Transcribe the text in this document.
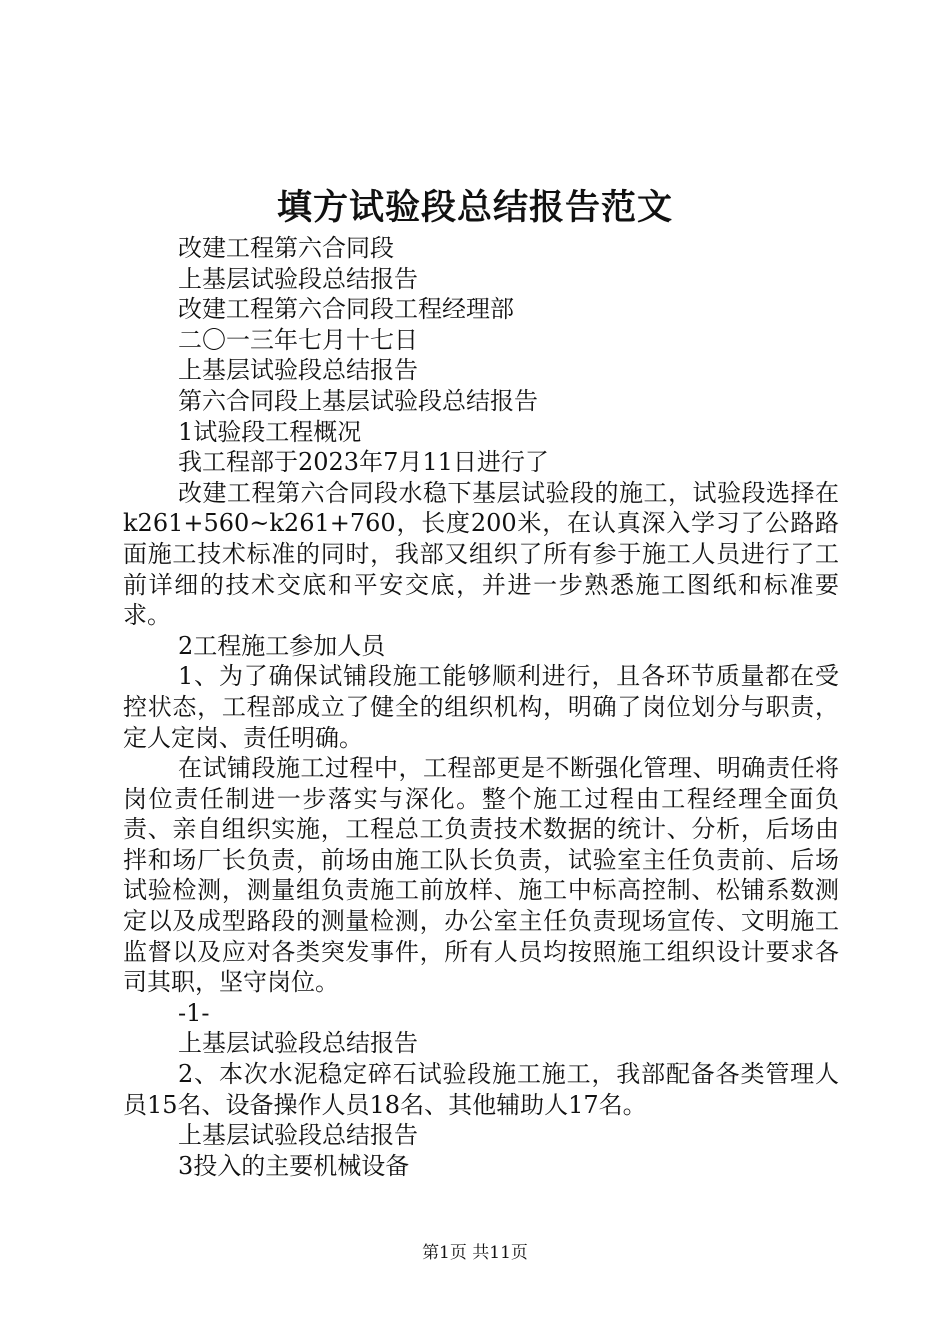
填方试验段总结报告范文

改建工程第六合同段

上基层试验段总结报告

改建工程第六合同段工程经理部

二〇一三年七月十七日

上基层试验段总结报告

第六合同段上基层试验段总结报告

1试验段工程概况

我工程部于2023年7月11日进行了

改建工程第六合同段水稳下基层试验段的施工，试验段选择在k261+560~k261+760，长度200米，在认真深入学习了公路路面施工技术标准的同时，我部又组织了所有参于施工人员进行了工前详细的技术交底和平安交底，并进一步熟悉施工图纸和标准要求。

2工程施工参加人员

1、为了确保试铺段施工能够顺利进行，且各环节质量都在受控状态，工程部成立了健全的组织机构，明确了岗位划分与职责，定人定岗、责任明确。

在试铺段施工过程中，工程部更是不断强化管理、明确责任将岗位责任制进一步落实与深化。整个施工过程由工程经理全面负责、亲自组织实施，工程总工负责技术数据的统计、分析，后场由拌和场厂长负责，前场由施工队长负责，试验室主任负责前、后场试验检测，测量组负责施工前放样、施工中标高控制、松铺系数测定以及成型路段的测量检测，办公室主任负责现场宣传、文明施工监督以及应对各类突发事件，所有人员均按照施工组织设计要求各司其职，坚守岗位。

-1-

上基层试验段总结报告

2、本次水泥稳定碎石试验段施工施工，我部配备各类管理人员15名、设备操作人员18名、其他辅助人17名。

上基层试验段总结报告

3投入的主要机械设备

第1页 共11页
